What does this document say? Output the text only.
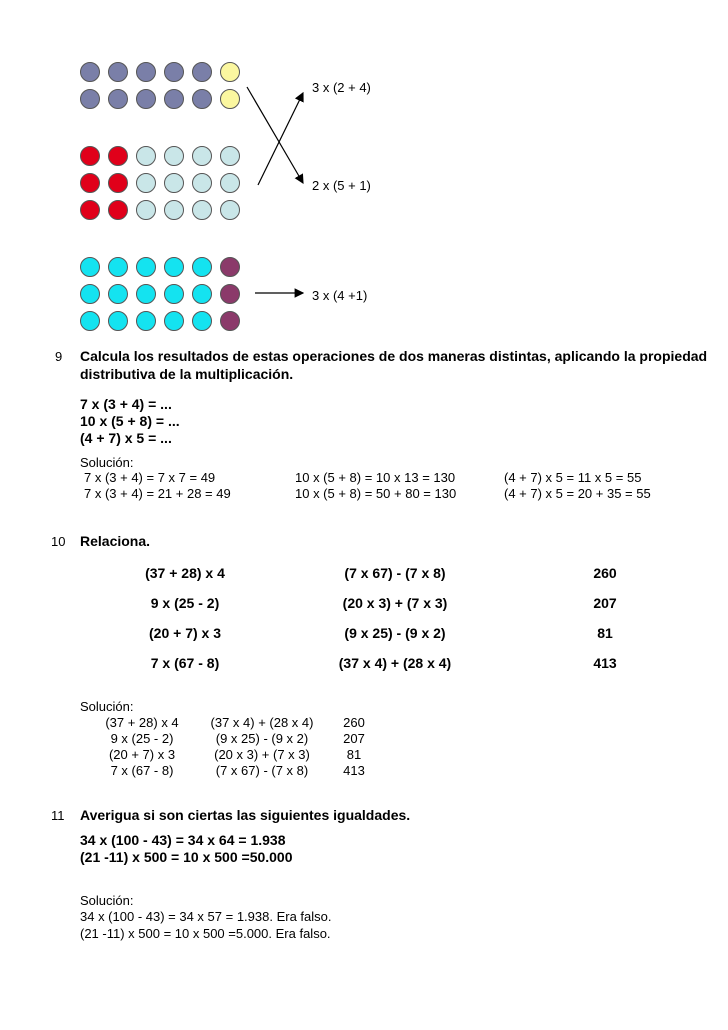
3 x (2 + 4)
2 x (5 + 1)
3 x (4 +1)
9 Calcula los resultados de estas operaciones de dos maneras distintas, aplicando la propiedad
distributiva de la multiplicación.
7 x (3 + 4) = ...
10 x (5 + 8) = ...
(4 + 7) x 5 = ...
Solución:
7 x (3 + 4) = 7 x 7 = 49	10 x (5 + 8) = 10 x 13 = 130	(4 + 7) x 5 = 11 x 5 = 55
7 x (3 + 4) = 21 + 28 = 49	10 x (5 + 8) = 50 + 80 = 130	(4 + 7) x 5 = 20 + 35 = 55
10 Relaciona.
(37 + 28) x 4	(7 x 67) - (7 x 8)	260
9 x (25 - 2)	(20 x 3) + (7 x 3)	207
(20 + 7) x 3	(9 x 25) - (9 x 2)	81
7 x (67 - 8)	(37 x 4) + (28 x 4)	413
Solución:
(37 + 28) x 4	(37 x 4) + (28 x 4)	260
9 x (25 - 2)	(9 x 25) - (9 x 2)	207
(20 + 7) x 3	(20 x 3) + (7 x 3)	81
7 x (67 - 8)	(7 x 67) - (7 x 8)	413
11 Averigua si son ciertas las siguientes igualdades.
34 x (100 - 43) = 34 x 64 = 1.938
(21 -11) x 500 = 10 x 500 =50.000
Solución:
34 x (100 - 43) = 34 x 57 = 1.938. Era falso.
(21 -11) x 500 = 10 x 500 =5.000. Era falso.
